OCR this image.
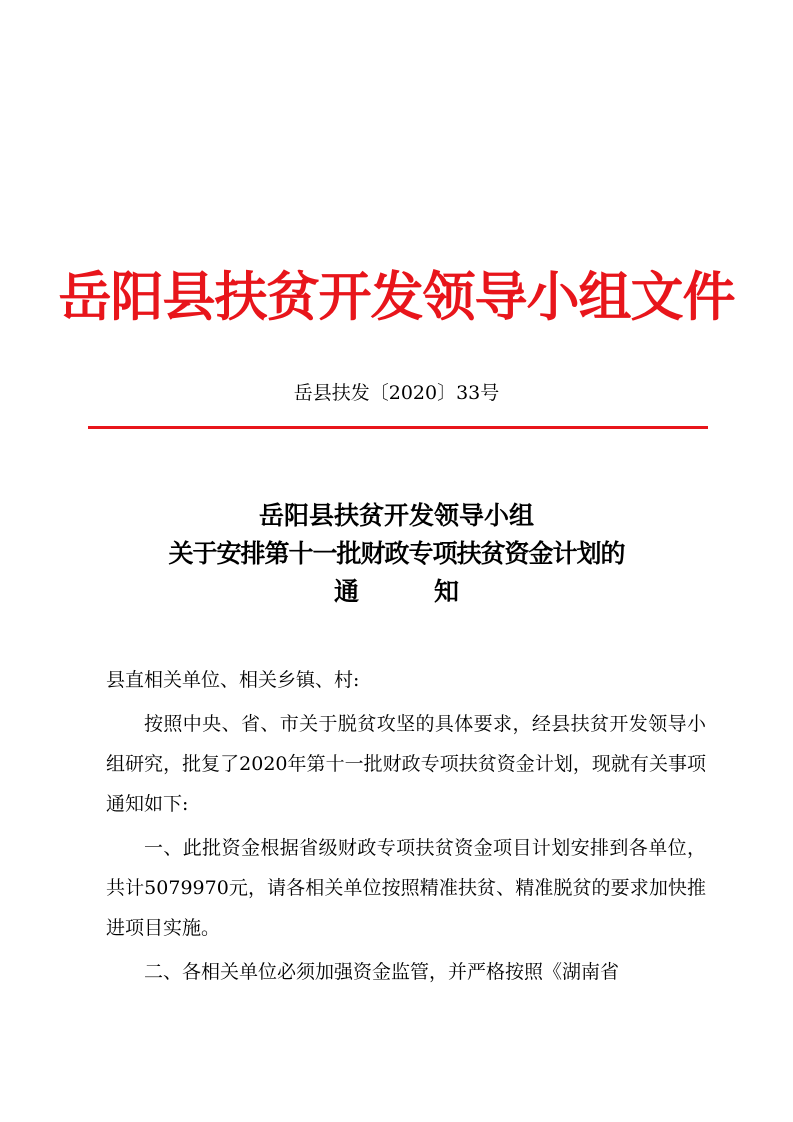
岳阳县扶贫开发领导小组文件
岳县扶发〔2020〕33号
岳阳县扶贫开发领导小组
关于安排第十一批财政专项扶贫资金计划的
通　　　知

县直相关单位、相关乡镇、村:

按照中央、省、市关于脱贫攻坚的具体要求，经县扶贫开发领导小组研究，批复了2020年第十一批财政专项扶贫资金计划，现就有关事项通知如下:

一、此批资金根据省级财政专项扶贫资金项目计划安排到各单位，共计5079970元，请各相关单位按照精准扶贫、精准脱贫的要求加快推进项目实施。

二、各相关单位必须加强资金监管，并严格按照《湖南省
